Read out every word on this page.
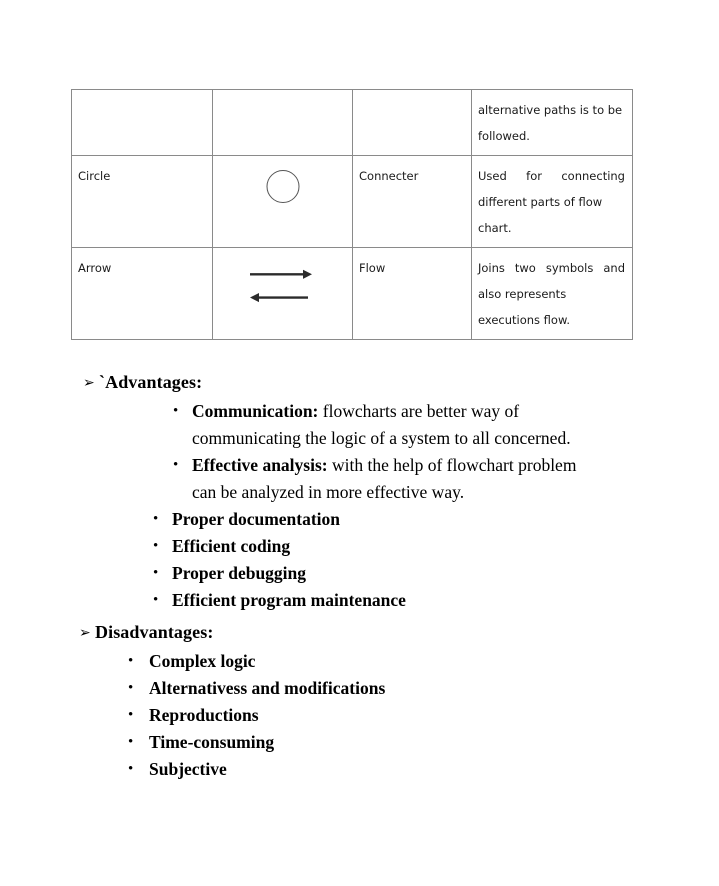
			alternative paths is to be
followed.

Circle		Connecter	Used for connecting different parts of flow
chart.

Arrow		Flow	Joins two symbols and also represents
executions flow.
➢ `Advantages:
• Communication: flowcharts are better way of
communicating the logic of a system to all concerned.
• Effective analysis: with the help of flowchart problem
can be analyzed in more effective way.
• Proper documentation
• Efficient coding
• Proper debugging
• Efficient program maintenance
➢ Disadvantages:
• Complex logic
• Alternativess and modifications
• Reproductions
• Time-consuming
• Subjective
